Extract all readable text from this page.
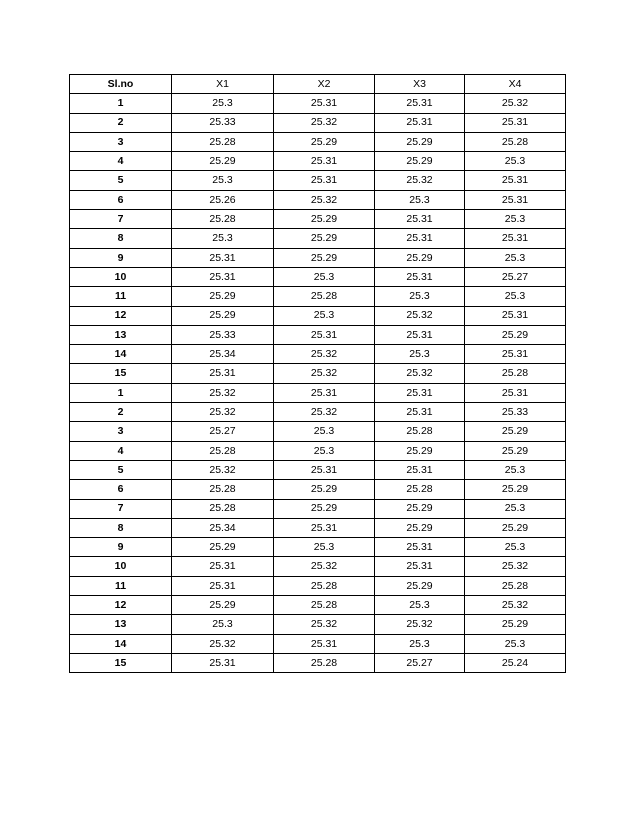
Sl.no	X1	X2	X3	X4
1	25.3	25.31	25.31	25.32
2	25.33	25.32	25.31	25.31
3	25.28	25.29	25.29	25.28
4	25.29	25.31	25.29	25.3
5	25.3	25.31	25.32	25.31
6	25.26	25.32	25.3	25.31
7	25.28	25.29	25.31	25.3
8	25.3	25.29	25.31	25.31
9	25.31	25.29	25.29	25.3
10	25.31	25.3	25.31	25.27
11	25.29	25.28	25.3	25.3
12	25.29	25.3	25.32	25.31
13	25.33	25.31	25.31	25.29
14	25.34	25.32	25.3	25.31
15	25.31	25.32	25.32	25.28
1	25.32	25.31	25.31	25.31
2	25.32	25.32	25.31	25.33
3	25.27	25.3	25.28	25.29
4	25.28	25.3	25.29	25.29
5	25.32	25.31	25.31	25.3
6	25.28	25.29	25.28	25.29
7	25.28	25.29	25.29	25.3
8	25.34	25.31	25.29	25.29
9	25.29	25.3	25.31	25.3
10	25.31	25.32	25.31	25.32
11	25.31	25.28	25.29	25.28
12	25.29	25.28	25.3	25.32
13	25.3	25.32	25.32	25.29
14	25.32	25.31	25.3	25.3
15	25.31	25.28	25.27	25.24
